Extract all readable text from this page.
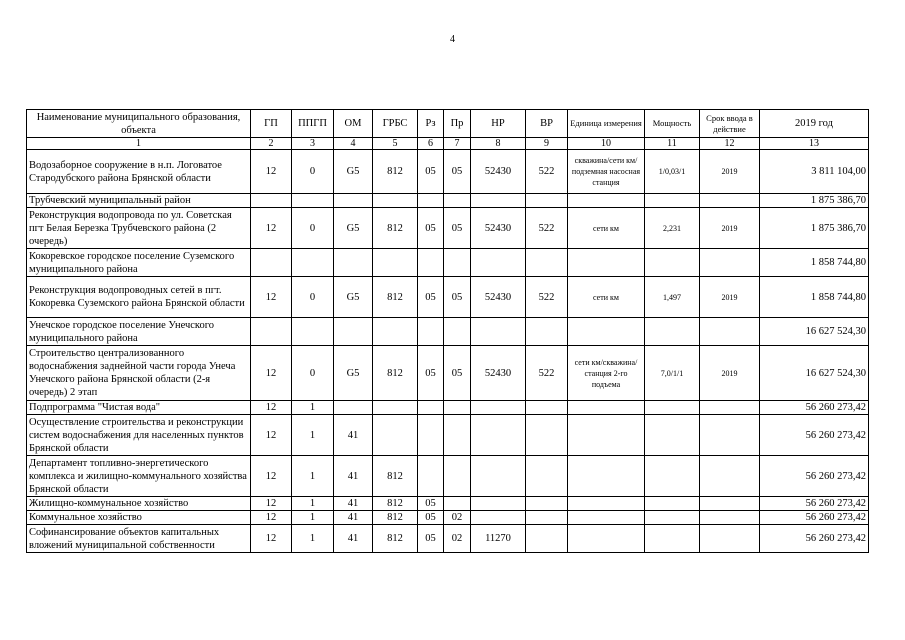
4
Наименование муниципального образования, объекта	ГП	ППГП	ОМ	ГРБС	Рз	Пр	НР	ВР	Единица измерения	Мощность	Срок ввода в действие	2019 год
1	2	3	4	5	6	7	8	9	10	11	12	13
Водозаборное сооружение в н.п. Логоватое Стародубского района Брянской области	12	0	G5	812	05	05	52430	522	скважина/сети км/подземная насосная станция	1/0,03/1	2019	3 811 104,00
Трубчевский муниципальный район												1 875 386,70
Реконструкция водопровода по ул. Советская пгт Белая Березка Трубчевского района (2 очередь)	12	0	G5	812	05	05	52430	522	сети км	2,231	2019	1 875 386,70
Кокоревское городское поселение Суземского муниципального района												1 858 744,80
Реконструкция водопроводных сетей в пгт. Кокоревка Суземского района Брянской области	12	0	G5	812	05	05	52430	522	сети км	1,497	2019	1 858 744,80
Унечское городское поселение Унечского муниципального района												16 627 524,30
Строительство централизованного водоснабжения заднейной части города Унеча Унечского района Брянской области (2-я очередь) 2 этап	12	0	G5	812	05	05	52430	522	сети км/скважина/ станция 2-го подъема	7,0/1/1	2019	16 627 524,30
Подпрограмма "Чистая вода"	12	1										56 260 273,42
Осуществление строительства и реконструкции систем водоснабжения для населенных пунктов Брянской области	12	1	41									56 260 273,42
Департамент топливно-энергетического комплекса и жилищно-коммунального хозяйства Брянской области	12	1	41	812								56 260 273,42
Жилищно-коммунальное хозяйство	12	1	41	812	05							56 260 273,42
Коммунальное хозяйство	12	1	41	812	05	02						56 260 273,42
Софинансирование объектов капитальных вложений муниципальной собственности	12	1	41	812	05	02	11270					56 260 273,42
